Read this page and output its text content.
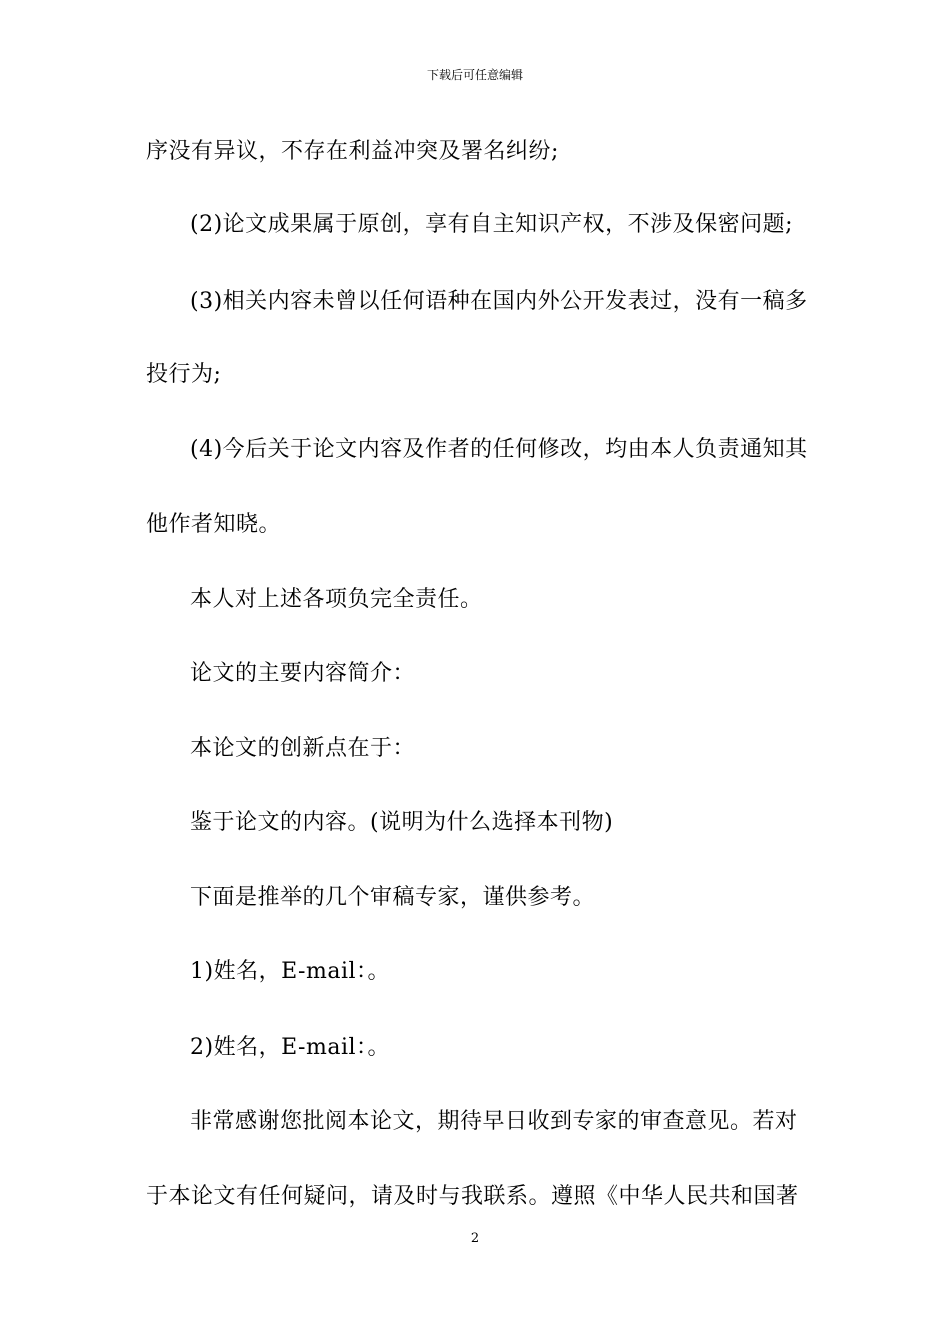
下载后可任意编辑
序没有异议，不存在利益冲突及署名纠纷;
(2)论文成果属于原创，享有自主知识产权，不涉及保密问题;
(3)相关内容未曾以任何语种在国内外公开发表过，没有一稿多
投行为;
(4)今后关于论文内容及作者的任何修改，均由本人负责通知其
他作者知晓。
本人对上述各项负完全责任。
论文的主要内容简介：
本论文的创新点在于：
鉴于论文的内容。(说明为什么选择本刊物)
下面是推举的几个审稿专家，谨供参考。
1)姓名，E-mail：。
2)姓名，E-mail：。
非常感谢您批阅本论文，期待早日收到专家的审查意见。若对
于本论文有任何疑问，请及时与我联系。遵照《中华人民共和国著
2
